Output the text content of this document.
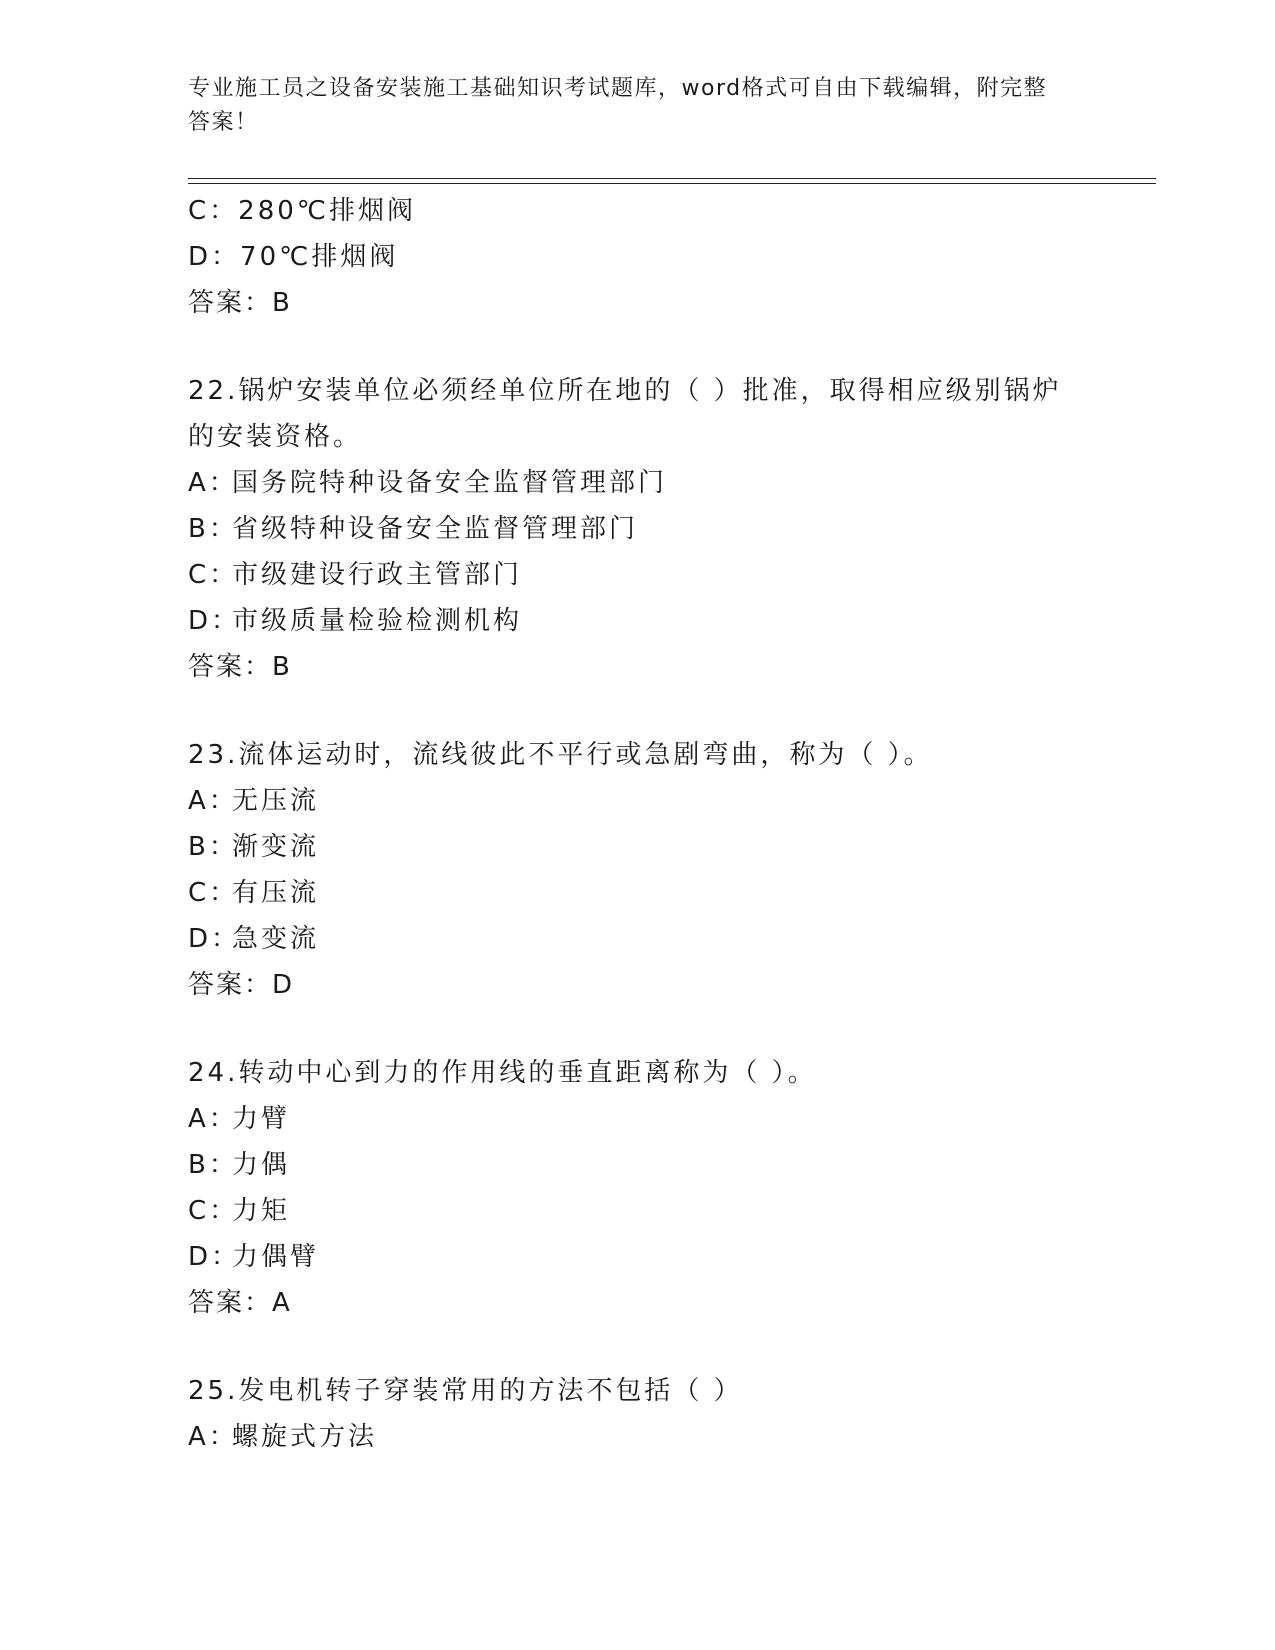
专业施工员之设备安装施工基础知识考试题库，word格式可自由下载编辑，附完整答案！
C：280℃排烟阀
D：70℃排烟阀
答案：B
22.锅炉安装单位必须经单位所在地的（ ）批准，取得相应级别锅炉的安装资格。
A：国务院特种设备安全监督管理部门
B：省级特种设备安全监督管理部门
C：市级建设行政主管部门
D：市级质量检验检测机构
答案：B
23.流体运动时，流线彼此不平行或急剧弯曲，称为（ ）。
A：无压流
B：渐变流
C：有压流
D：急变流
答案：D
24.转动中心到力的作用线的垂直距离称为（ ）。
A：力臂
B：力偶
C：力矩
D：力偶臂
答案：A
25.发电机转子穿装常用的方法不包括（ ）
A：螺旋式方法
